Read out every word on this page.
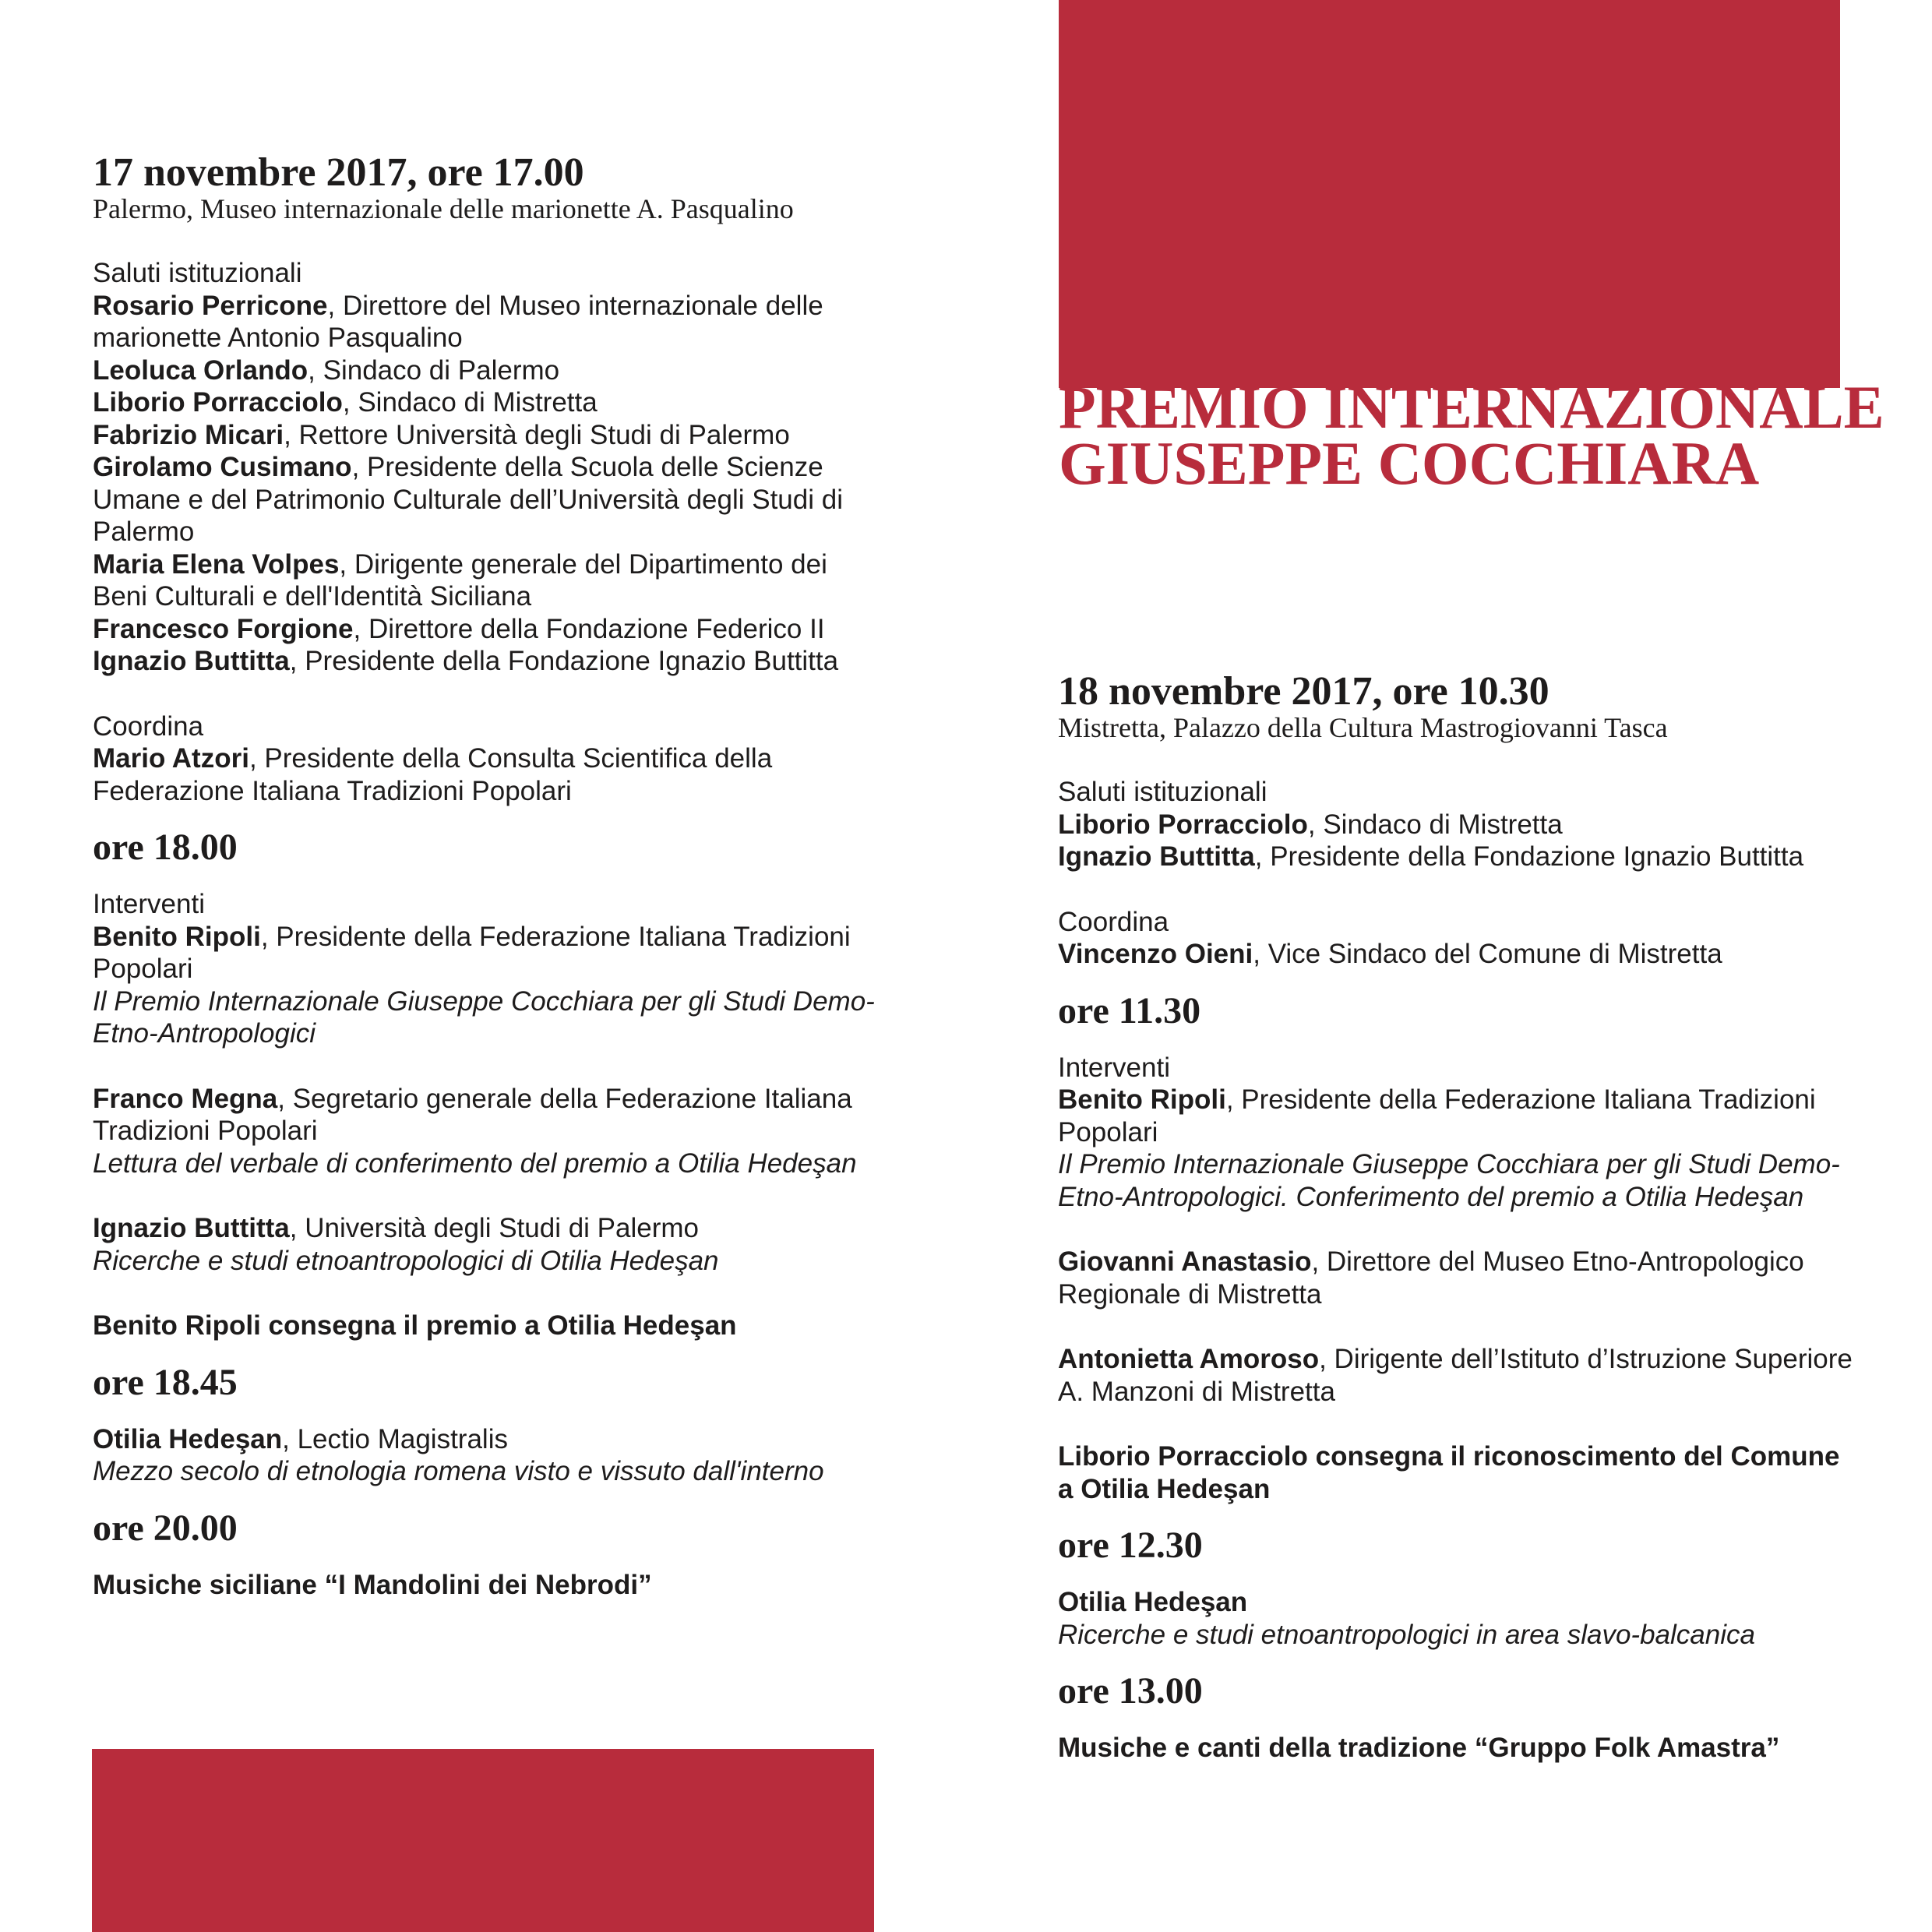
PREMIO INTERNAZIONALE
GIUSEPPE COCCHIARA
17 novembre 2017, ore 17.00

Palermo, Museo internazionale delle marionette A. Pasqualino

Saluti istituzionali

Rosario Perricone, Direttore del Museo internazionale delle marionette Antonio Pasqualino

Leoluca Orlando, Sindaco di Palermo

Liborio Porracciolo, Sindaco di Mistretta

Fabrizio Micari, Rettore Università degli Studi di Palermo

Girolamo Cusimano, Presidente della Scuola delle Scienze Umane e del Patrimonio Culturale dell’Università degli Studi di Palermo

Maria Elena Volpes, Dirigente generale del Dipartimento dei Beni Culturali e dell'Identità Siciliana

Francesco Forgione, Direttore della Fondazione Federico II

Ignazio Buttitta, Presidente della Fondazione Ignazio Buttitta

Coordina

Mario Atzori, Presidente della Consulta Scientifica della Federazione Italiana Tradizioni Popolari

ore 18.00

Interventi

Benito Ripoli, Presidente della Federazione Italiana Tradizioni Popolari

Il Premio Internazionale Giuseppe Cocchiara per gli Studi Demo-Etno-Antropologici

Franco Megna, Segretario generale della Federazione Italiana Tradizioni Popolari

Lettura del verbale di conferimento del premio a Otilia Hedeşan

Ignazio Buttitta, Università degli Studi di Palermo

Ricerche e studi etnoantropologici di Otilia Hedeşan

Benito Ripoli consegna il premio a Otilia Hedeşan

ore 18.45

Otilia Hedeşan, Lectio Magistralis

Mezzo secolo di etnologia romena visto e vissuto dall'interno

ore 20.00

Musiche siciliane “I Mandolini dei Nebrodi”

18 novembre 2017, ore 10.30

Mistretta, Palazzo della Cultura Mastrogiovanni Tasca

Saluti istituzionali

Liborio Porracciolo, Sindaco di Mistretta

Ignazio Buttitta, Presidente della Fondazione Ignazio Buttitta

Coordina

Vincenzo Oieni, Vice Sindaco del Comune di Mistretta

ore 11.30

Interventi

Benito Ripoli, Presidente della Federazione Italiana Tradizioni Popolari

Il Premio Internazionale Giuseppe Cocchiara per gli Studi Demo-Etno-Antropologici. Conferimento del premio a Otilia Hedeşan

Giovanni Anastasio, Direttore del Museo Etno-Antropologico Regionale di Mistretta

Antonietta Amoroso, Dirigente dell’Istituto d’Istruzione Superiore A. Manzoni di Mistretta

Liborio Porracciolo consegna il riconoscimento del Comune a Otilia Hedeşan

ore 12.30

Otilia Hedeşan

Ricerche e studi etnoantropologici in area slavo-balcanica

ore 13.00

Musiche e canti della tradizione “Gruppo Folk Amastra”
